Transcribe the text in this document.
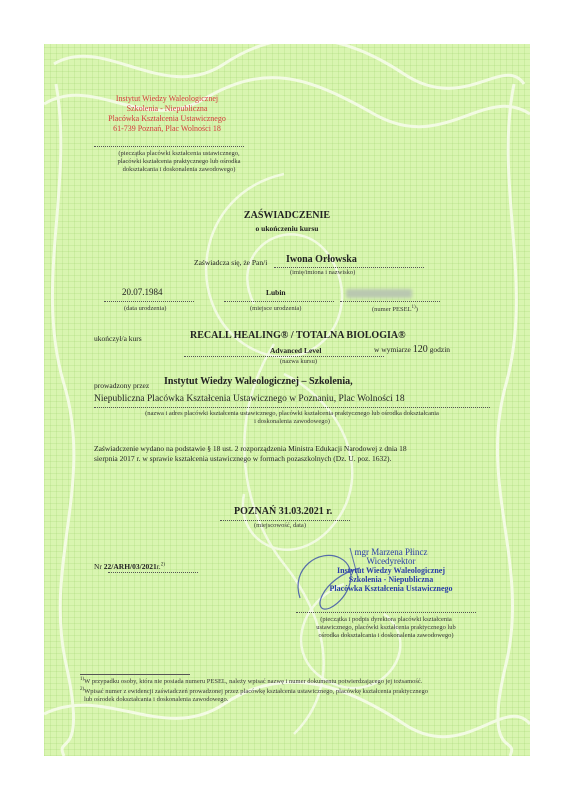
Instytut Wiedzy Waleologicznej
Szkolenia - Niepubliczna
Placówka Kształcenia Ustawicznego
61-739 Poznań, Plac Wolności 18
(pieczątka placówki kształcenia ustawicznego,
placówki kształcenia praktycznego lub ośrodka
dokształcania i doskonalenia zawodowego)
ZAŚWIADCZENIE
o ukończeniu kursu
Zaświadcza się, że Pan/i Iwona Orłowska
(imię/imiona i nazwisko)
20.07.1984
(data urodzenia)
Lubin
(miejsce urodzenia)	(numer PESEL$^{1)}$)
ukończył/a kurs	RECALL HEALING® / TOTALNA BIOLOGIA®
Advanced Level
(nazwa kursu)
w wymiarze 120 godzin
prowadzony przez Instytut Wiedzy Waleologicznej – Szkolenia,
Niepubliczna Placówka Kształcenia Ustawicznego w Poznaniu, Plac Wolności 18
(nazwa i adres placówki kształcenia ustawicznego, placówki kształcenia praktycznego lub ośrodka dokształcania
i doskonalenia zawodowego)
Zaświadczenie wydano na podstawie § 18 ust. 2 rozporządzenia Ministra Edukacji Narodowej z dnia 18
sierpnia 2017 r. w sprawie kształcenia ustawicznego w formach pozaszkolnych (Dz. U. poz. 1632).
POZNAŃ 31.03.2021 r.
(miejscowość, data)
Nr 22/ARH/03/2021r.$^{2)}$
mgr Marzena Płincz
Wicedyrektor
Instytut Wiedzy Waleologicznej
Szkolenia - Niepubliczna
Placówka Kształcenia Ustawicznego
(pieczątka i podpis dyrektora placówki kształcenia
ustawicznego, placówki kształcenia praktycznego lub
ośrodka dokształcania i doskonalenia zawodowego)
$^{1)}$W przypadku osoby, która nie posiada numeru PESEL, należy wpisać nazwę i numer dokumentu potwierdzającego jej tożsamość.
$^{2)}$Wpisać numer z ewidencji zaświadczeń prowadzonej przez placówkę kształcenia ustawicznego, placówkę kształcenia praktycznego
lub ośrodek dokształcania i doskonalenia zawodowego.
